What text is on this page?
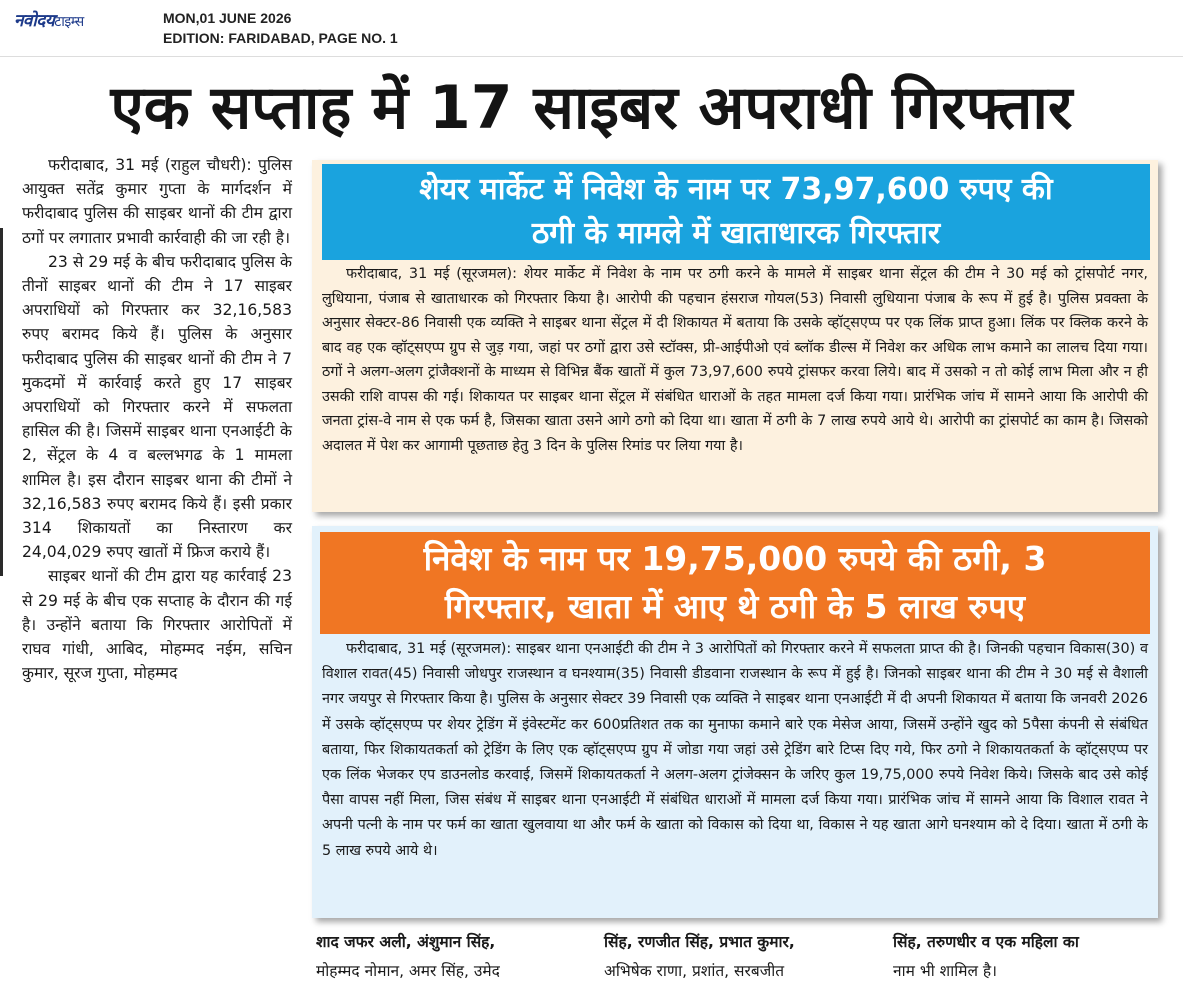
नवोदयटाइम्स	MON,01 JUNE 2026
EDITION: FARIDABAD, PAGE NO. 1
एक सप्ताह में 17 साइबर अपराधी गिरफ्तार

फरीदाबाद, 31 मई (राहुल चौधरी): पुलिस आयुक्त सतेंद्र कुमार गुप्ता के मार्गदर्शन में फरीदाबाद पुलिस की साइबर थानों की टीम द्वारा ठगों पर लगातार प्रभावी कार्रवाही की जा रही है।

23 से 29 मई के बीच फरीदाबाद पुलिस के तीनों साइबर थानों की टीम ने 17 साइबर अपराधियों को गिरफ्तार कर 32,16,583 रुपए बरामद किये हैं। पुलिस के अनुसार फरीदाबाद पुलिस की साइबर थानों की टीम ने 7 मुकदमों में कार्रवाई करते हुए 17 साइबर अपराधियों को गिरफ्तार करने में सफलता हासिल की है। जिसमें साइबर थाना एनआईटी के 2, सेंट्रल के 4 व बल्लभगढ के 1 मामला शामिल है। इस दौरान साइबर थाना की टीमों ने 32,16,583 रुपए बरामद किये हैं। इसी प्रकार 314 शिकायतों का निस्तारण कर 24,04,029 रुपए खातों में फ्रिज कराये हैं।

साइबर थानों की टीम द्वारा यह कार्रवाई 23 से 29 मई के बीच एक सप्ताह के दौरान की गई है। उन्होंने बताया कि गिरफ्तार आरोपितों में राघव गांधी, आबिद, मोहम्मद नईम, सचिन कुमार, सूरज गुप्ता, मोहम्मद

शेयर मार्केट में निवेश के नाम पर 73,97,600 रुपए की
ठगी के मामले में खाताधारक गिरफ्तार

फरीदाबाद, 31 मई (सूरजमल): शेयर मार्केट में निवेश के नाम पर ठगी करने के मामले में साइबर थाना सेंट्रल की टीम ने 30 मई को ट्रांसपोर्ट नगर, लुधियाना, पंजाब से खाताधारक को गिरफ्तार किया है। आरोपी की पहचान हंसराज गोयल(53) निवासी लुधियाना पंजाब के रूप में हुई है। पुलिस प्रवक्ता के अनुसार सेक्टर-86 निवासी एक व्यक्ति ने साइबर थाना सेंट्रल में दी शिकायत में बताया कि उसके व्हॉट्सएप्प पर एक लिंक प्राप्त हुआ। लिंक पर क्लिक करने के बाद वह एक व्हॉट्सएप्प ग्रुप से जुड़ गया, जहां पर ठगों द्वारा उसे स्टॉक्स, प्री-आईपीओ एवं ब्लॉक डील्स में निवेश कर अधिक लाभ कमाने का लालच दिया गया। ठगों ने अलग-अलग ट्रांजैक्शनों के माध्यम से विभिन्न बैंक खातों में कुल 73,97,600 रुपये ट्रांसफर करवा लिये। बाद में उसको न तो कोई लाभ मिला और न ही उसकी राशि वापस की गई। शिकायत पर साइबर थाना सेंट्रल में संबंधित धाराओं के तहत मामला दर्ज किया गया। प्रारंभिक जांच में सामने आया कि आरोपी की जनता ट्रांस-वे नाम से एक फर्म है, जिसका खाता उसने आगे ठगो को दिया था। खाता में ठगी के 7 लाख रुपये आये थे। आरोपी का ट्रांसपोर्ट का काम है। जिसको अदालत में पेश कर आगामी पूछताछ हेतु 3 दिन के पुलिस रिमांड पर लिया गया है।

निवेश के नाम पर 19,75,000 रुपये की ठगी, 3
गिरफ्तार, खाता में आए थे ठगी के 5 लाख रुपए

फरीदाबाद, 31 मई (सूरजमल): साइबर थाना एनआईटी की टीम ने 3 आरोपितों को गिरफ्तार करने में सफलता प्राप्त की है। जिनकी पहचान विकास(30) व विशाल रावत(45) निवासी जोधपुर राजस्थान व घनश्याम(35) निवासी डीडवाना राजस्थान के रूप में हुई है। जिनको साइबर थाना की टीम ने 30 मई से वैशाली नगर जयपुर से गिरफ्तार किया है। पुलिस के अनुसार सेक्टर 39 निवासी एक व्यक्ति ने साइबर थाना एनआईटी में दी अपनी शिकायत में बताया कि जनवरी 2026 में उसके व्हॉट्सएप्प पर शेयर ट्रेडिंग में इंवेस्टमेंट कर 600प्रतिशत तक का मुनाफा कमाने बारे एक मेसेज आया, जिसमें उन्होंने खुद को 5पैसा कंपनी से संबंधित बताया, फिर शिकायतकर्ता को ट्रेडिंग के लिए एक व्हॉट्सएप्प ग्रुप में जोडा गया जहां उसे ट्रेडिंग बारे टिप्स दिए गये, फिर ठगो ने शिकायतकर्ता के व्हॉट्सएप्प पर एक लिंक भेजकर एप डाउनलोड करवाई, जिसमें शिकायतकर्ता ने अलग-अलग ट्रांजेक्सन के जरिए कुल 19,75,000 रुपये निवेश किये। जिसके बाद उसे कोई पैसा वापस नहीं मिला, जिस संबंध में साइबर थाना एनआईटी में संबंधित धाराओं में मामला दर्ज किया गया। प्रारंभिक जांच में सामने आया कि विशाल रावत ने अपनी पत्नी के नाम पर फर्म का खाता खुलवाया था और फर्म के खाता को विकास को दिया था, विकास ने यह खाता आगे घनश्याम को दे दिया। खाता में ठगी के 5 लाख रुपये आये थे।

शाद जफर अली, अंशुमान सिंह,
मोहम्मद नोमान, अमर सिंह, उमेद
सिंह, रणजीत सिंह, प्रभात कुमार,
अभिषेक राणा, प्रशांत, सरबजीत
सिंह, तरुणधीर व एक महिला का
नाम भी शामिल है।
